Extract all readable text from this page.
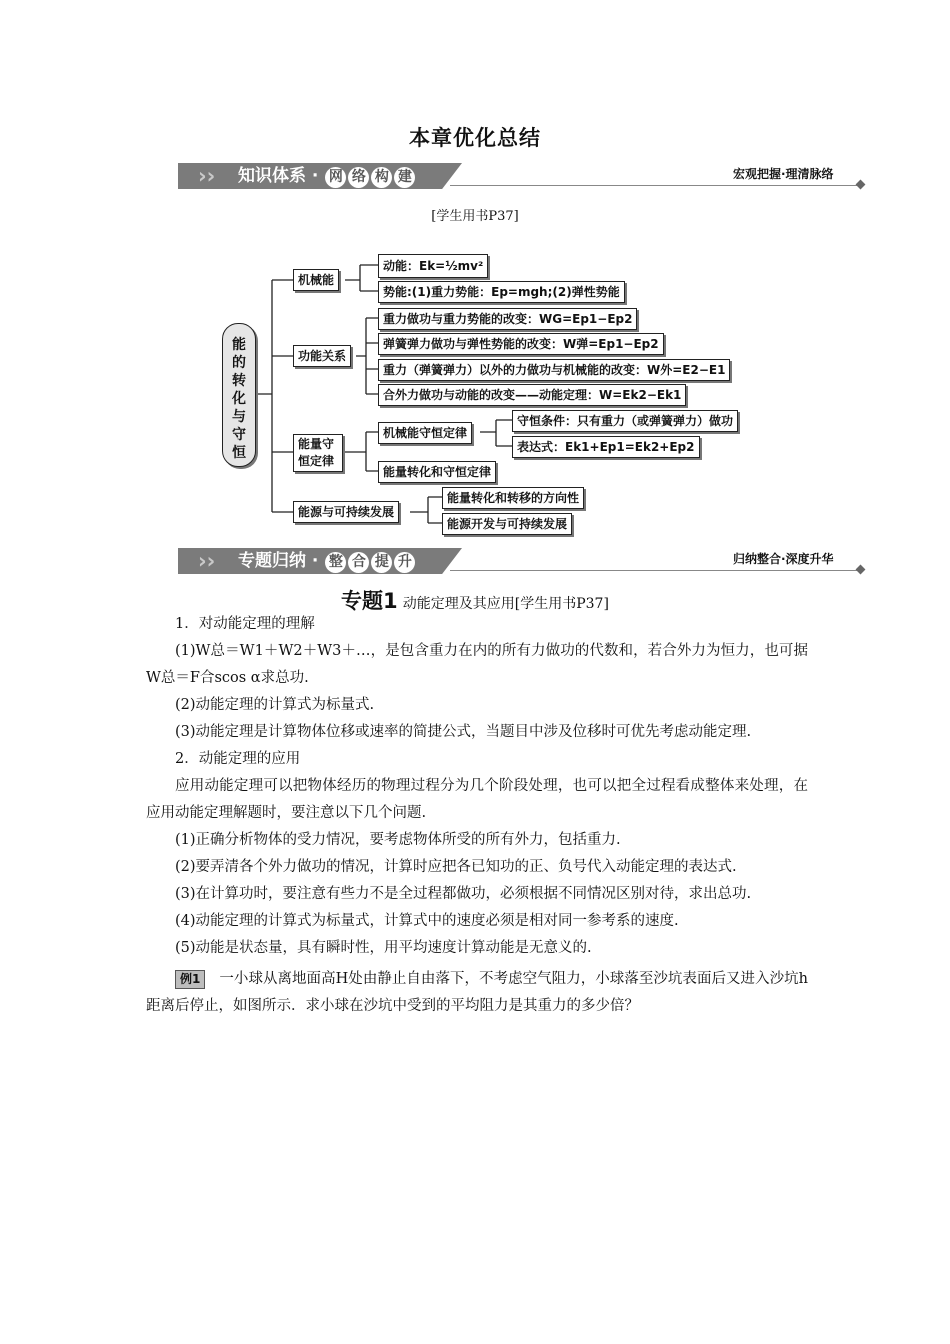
本章优化总结
›› 知识体系 · 网 络 构 建	宏观把握·理清脉络
[学生用书P37]
能的转化与守恒
机械能
动能：Ek=½mv²
势能:(1)重力势能：Ep=mgh;(2)弹性势能
功能关系
重力做功与重力势能的改变：WG=Ep1−Ep2
弹簧弹力做功与弹性势能的改变：W弹=Ep1−Ep2
重力（弹簧弹力）以外的力做功与机械能的改变：W外=E2−E1
合外力做功与动能的改变——动能定理：W=Ek2−Ek1
能量守恒定律
机械能守恒定律
守恒条件：只有重力（或弹簧弹力）做功
表达式：Ek1+Ep1=Ek2+Ep2
能量转化和守恒定律
能源与可持续发展
能量转化和转移的方向性
能源开发与可持续发展
›› 专题归纳 · 整 合 提 升	归纳整合·深度升华
专题1 动能定理及其应用[学生用书P37]

1．对动能定理的理解

(1)W总＝W1＋W2＋W3＋…，是包含重力在内的所有力做功的代数和，若合外力为恒力，也可据W总＝F合scos α求总功.

(2)动能定理的计算式为标量式.

(3)动能定理是计算物体位移或速率的简捷公式，当题目中涉及位移时可优先考虑动能定理.

2．动能定理的应用

应用动能定理可以把物体经历的物理过程分为几个阶段处理，也可以把全过程看成整体来处理，在应用动能定理解题时，要注意以下几个问题.

(1)正确分析物体的受力情况，要考虑物体所受的所有外力，包括重力.

(2)要弄清各个外力做功的情况，计算时应把各已知功的正、负号代入动能定理的表达式.

(3)在计算功时，要注意有些力不是全过程都做功，必须根据不同情况区别对待，求出总功.

(4)动能定理的计算式为标量式，计算式中的速度必须是相对同一参考系的速度.

(5)动能是状态量，具有瞬时性，用平均速度计算动能是无意义的.

例1 一小球从离地面高H处由静止自由落下，不考虑空气阻力，小球落至沙坑表面后又进入沙坑h距离后停止，如图所示．求小球在沙坑中受到的平均阻力是其重力的多少倍？
